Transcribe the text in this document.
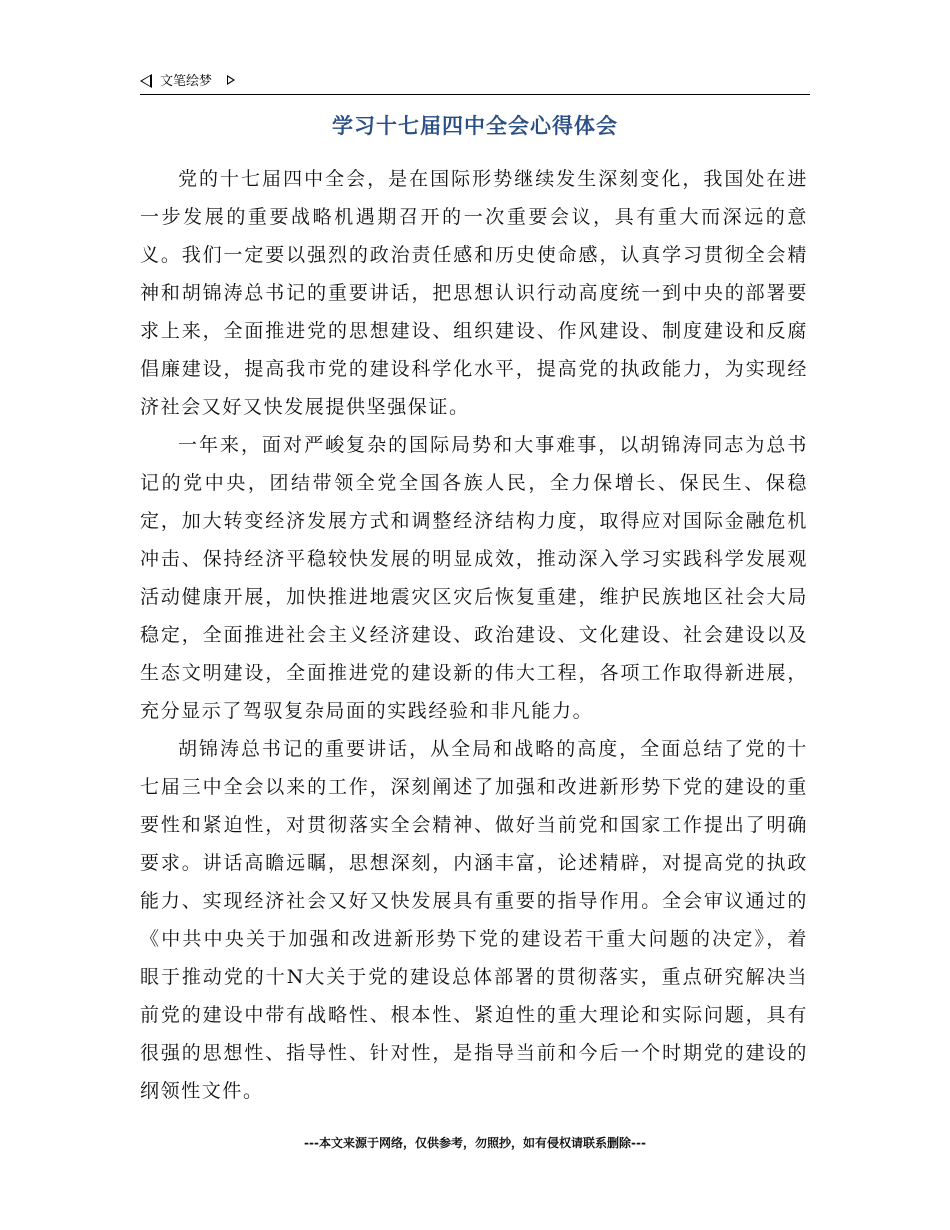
文笔绘梦
学习十七届四中全会心得体会

党的十七届四中全会，是在国际形势继续发生深刻变化，我国处在进一步发展的重要战略机遇期召开的一次重要会议，具有重大而深远的意义。我们一定要以强烈的政治责任感和历史使命感，认真学习贯彻全会精神和胡锦涛总书记的重要讲话，把思想认识行动高度统一到中央的部署要求上来，全面推进党的思想建设、组织建设、作风建设、制度建设和反腐倡廉建设，提高我市党的建设科学化水平，提高党的执政能力，为实现经济社会又好又快发展提供坚强保证。

一年来，面对严峻复杂的国际局势和大事难事，以胡锦涛同志为总书记的党中央，团结带领全党全国各族人民，全力保增长、保民生、保稳定，加大转变经济发展方式和调整经济结构力度，取得应对国际金融危机冲击、保持经济平稳较快发展的明显成效，推动深入学习实践科学发展观活动健康开展，加快推进地震灾区灾后恢复重建，维护民族地区社会大局稳定，全面推进社会主义经济建设、政治建设、文化建设、社会建设以及生态文明建设，全面推进党的建设新的伟大工程，各项工作取得新进展，充分显示了驾驭复杂局面的实践经验和非凡能力。

胡锦涛总书记的重要讲话，从全局和战略的高度，全面总结了党的十七届三中全会以来的工作，深刻阐述了加强和改进新形势下党的建设的重要性和紧迫性，对贯彻落实全会精神、做好当前党和国家工作提出了明确要求。讲话高瞻远瞩，思想深刻，内涵丰富，论述精辟，对提高党的执政能力、实现经济社会又好又快发展具有重要的指导作用。全会审议通过的《中共中央关于加强和改进新形势下党的建设若干重大问题的决定》，着眼于推动党的十N大关于党的建设总体部署的贯彻落实，重点研究解决当前党的建设中带有战略性、根本性、紧迫性的重大理论和实际问题，具有很强的思想性、指导性、针对性，是指导当前和今后一个时期党的建设的纲领性文件。

---本文来源于网络，仅供参考，勿照抄，如有侵权请联系删除---
